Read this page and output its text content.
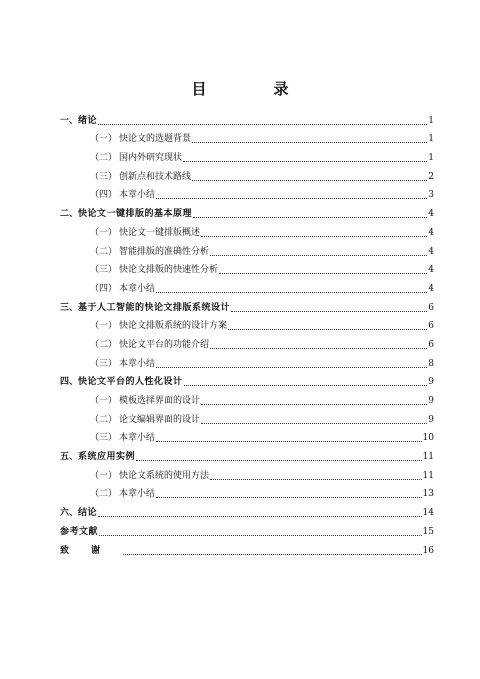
目　录
一、 绪论	1
（一） 快论文的选题背景	1
（二） 国内外研究现状	1
（三） 创新点和技术路线	2
（四） 本章小结	3
二、 快论文一键排版的基本原理	4
（一） 快论文一键排版概述	4
（二） 智能排版的准确性分析	4
（三） 快论文排版的快速性分析	4
（四） 本章小结	4
三、 基于人工智能的快论文排版系统设计	6
（一） 快论文排版系统的设计方案	6
（二） 快论文平台的功能介绍	6
（三） 本章小结	8
四、 快论文平台的人性化设计	9
（一） 模板选择界面的设计	9
（二） 论文编辑界面的设计	9
（三） 本章小结	10
五、 系统应用实例	11
（一） 快论文系统的使用方法	11
（二） 本章小结	13
六、 结论	14
参考文献	15
致谢	16
